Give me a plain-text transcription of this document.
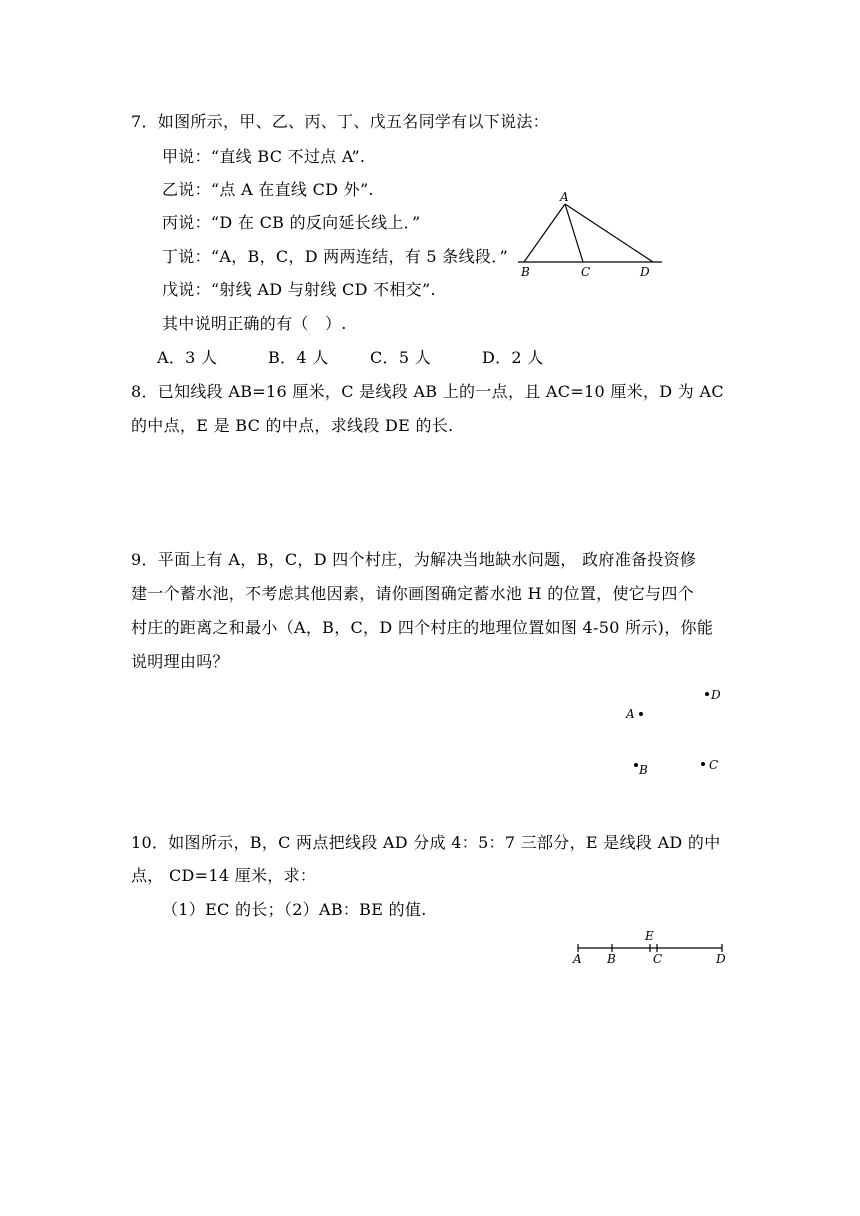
7．如图所示，甲、乙、丙、丁、戊五名同学有以下说法：
甲说：“直线 BC 不过点 A”.
乙说：“点 A 在直线 CD 外”.
丙说：“D 在 CB 的反向延长线上．”
丁说：“A，B，C，D 两两连结，有 5 条线段．”
戊说：“射线 AD 与射线 CD 不相交”.
其中说明正确的有（　）.
A．3 人	B．4 人	C．5 人	D．2 人
A
B	C	D
8．已知线段 AB=16 厘米，C 是线段 AB 上的一点，且 AC=10 厘米，D 为 AC
的中点，E 是 BC 的中点，求线段 DE 的长.
9．平面上有 A，B，C，D 四个村庄，为解决当地缺水问题， 政府准备投资修
建一个蓄水池，不考虑其他因素，请你画图确定蓄水池 H 的位置，使它与四个
村庄的距离之和最小（A，B，C，D 四个村庄的地理位置如图 4-50 所示)，你能
说明理由吗？
D
A
B	C
10．如图所示，B，C 两点把线段 AD 分成 4：5：7 三部分，E 是线段 AD 的中
点， CD=14 厘米，求：
（1）EC 的长；（2）AB：BE 的值.
E
A B	C	D
